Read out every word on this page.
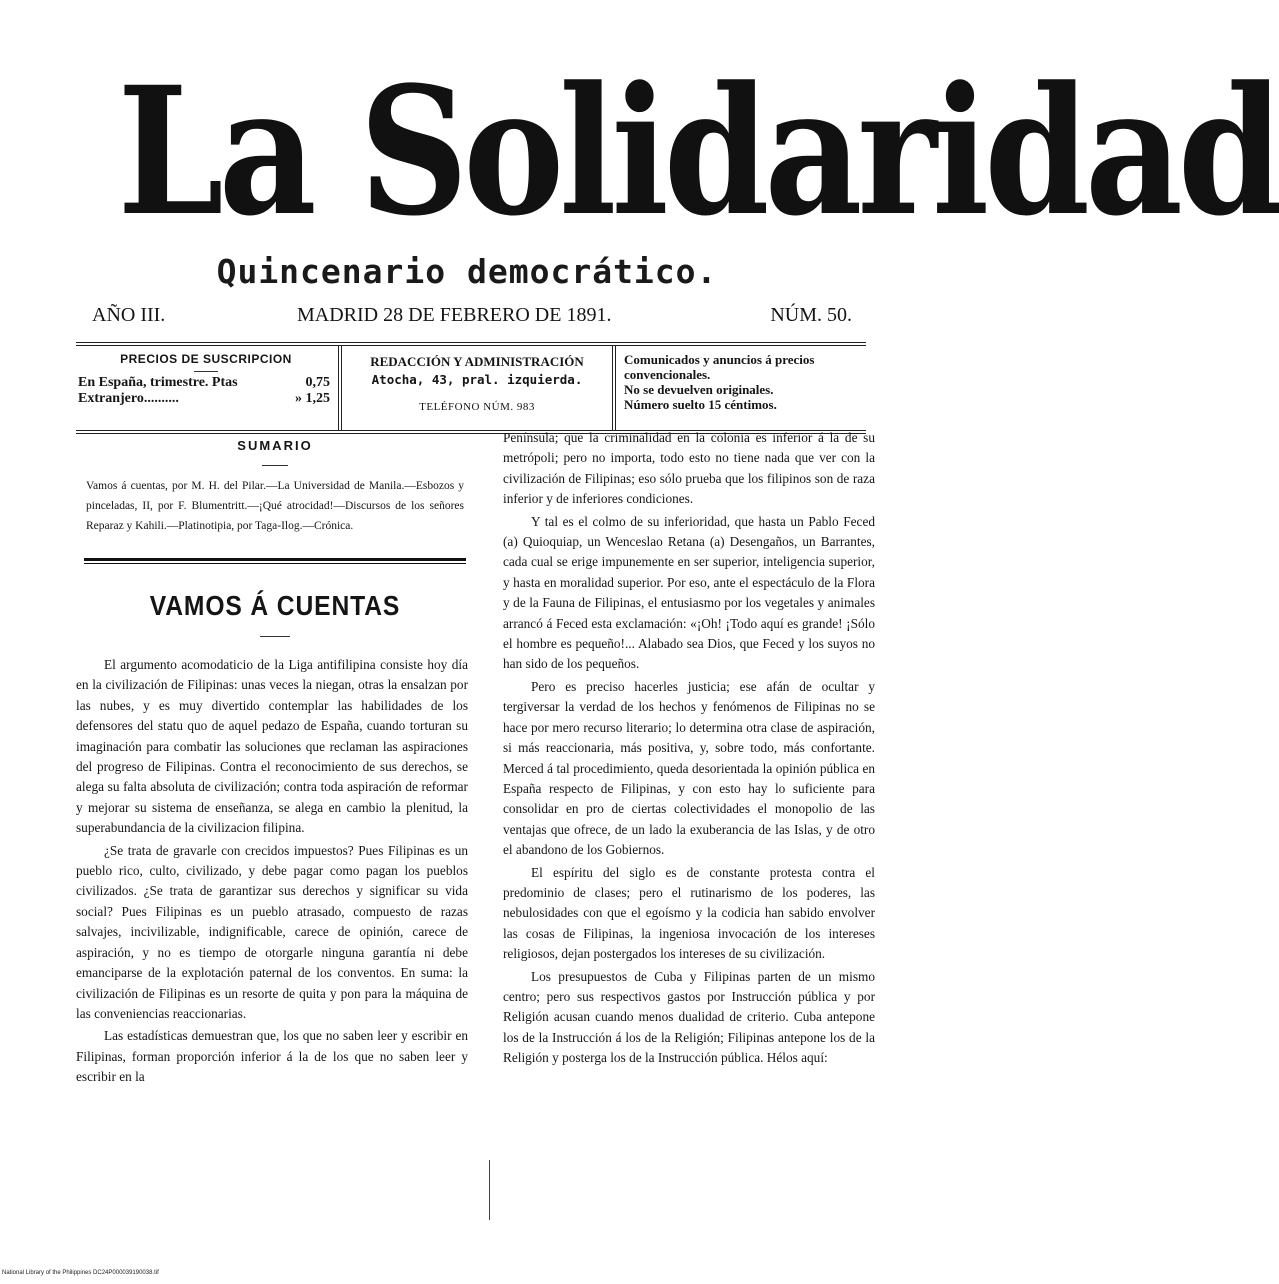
La Solidaridad
Quincenario democrático.
AÑO III.	MADRID 28 DE FEBRERO DE 1891.	NÚM. 50.
PRECIOS DE SUSCRIPCION
En España, trimestre. Ptas	0,75
Extranjero..........	» 1,25
REDACCIÓN Y ADMINISTRACIÓN
Atocha, 43, pral. izquierda.
TELÉFONO NÚM. 983
Comunicados y anuncios á precios convencionales.
No se devuelven originales.
Número suelto 15 céntimos.
SUMARIO
Vamos á cuentas, por M. H. del Pilar.—La Universidad de Manila.—Esbozos y pinceladas, II, por F. Blumentritt.—¡Qué atrocidad!—Discursos de los señores Reparaz y Kahili.—Platinotipia, por Taga-Ilog.—Crónica.
VAMOS Á CUENTAS

El argumento acomodaticio de la Liga antifilipina consiste hoy día en la civilización de Filipinas: unas veces la niegan, otras la ensalzan por las nubes, y es muy divertido contemplar las habilidades de los defensores del statu quo de aquel pedazo de España, cuando torturan su imaginación para combatir las soluciones que reclaman las aspiraciones del progreso de Filipinas. Contra el reconocimiento de sus derechos, se alega su falta absoluta de civilización; contra toda aspiración de reformar y mejorar su sistema de enseñanza, se alega en cambio la plenitud, la superabundancia de la civilizacion filipina.

¿Se trata de gravarle con crecidos impuestos? Pues Filipinas es un pueblo rico, culto, civilizado, y debe pagar como pagan los pueblos civilizados. ¿Se trata de garantizar sus derechos y significar su vida social? Pues Filipinas es un pueblo atrasado, compuesto de razas salvajes, incivilizable, indignificable, carece de opinión, carece de aspiración, y no es tiempo de otorgarle ninguna garantía ni debe emanciparse de la explotación paternal de los conventos. En suma: la civilización de Filipinas es un resorte de quita y pon para la máquina de las conveniencias reaccionarias.

Las estadísticas demuestran que, los que no saben leer y escribir en Filipinas, forman proporción inferior á la de los que no saben leer y escribir en la

Península; que la criminalidad en la colonia es inferior á la de su metrópoli; pero no importa, todo esto no tiene nada que ver con la civilización de Filipinas; eso sólo prueba que los filipinos son de raza inferior y de inferiores condiciones.

Y tal es el colmo de su inferioridad, que hasta un Pablo Feced (a) Quioquiap, un Wenceslao Retana (a) Desengaños, un Barrantes, cada cual se erige impunemente en ser superior, inteligencia superior, y hasta en moralidad superior. Por eso, ante el espectáculo de la Flora y de la Fauna de Filipinas, el entusiasmo por los vegetales y animales arrancó á Feced esta exclamación: «¡Oh! ¡Todo aquí es grande! ¡Sólo el hombre es pequeño!... Alabado sea Dios, que Feced y los suyos no han sido de los pequeños.

Pero es preciso hacerles justicia; ese afán de ocultar y tergiversar la verdad de los hechos y fenómenos de Filipinas no se hace por mero recurso literario; lo determina otra clase de aspiración, si más reaccionaria, más positiva, y, sobre todo, más confortante. Merced á tal procedimiento, queda desorientada la opinión pública en España respecto de Filipinas, y con esto hay lo suficiente para consolidar en pro de ciertas colectividades el monopolio de las ventajas que ofrece, de un lado la exuberancia de las Islas, y de otro el abandono de los Gobiernos.

El espíritu del siglo es de constante protesta contra el predominio de clases; pero el rutinarismo de los poderes, las nebulosidades con que el egoísmo y la codicia han sabido envolver las cosas de Filipinas, la ingeniosa invocación de los intereses religiosos, dejan postergados los intereses de su civilización.

Los presupuestos de Cuba y Filipinas parten de un mismo centro; pero sus respectivos gastos por Instrucción pública y por Religión acusan cuando menos dualidad de criterio. Cuba antepone los de la Instrucción á los de la Religión; Filipinas antepone los de la Religión y posterga los de la Instrucción pública. Hélos aquí:

National Library of the Philippines DC24P000039190038.tif
